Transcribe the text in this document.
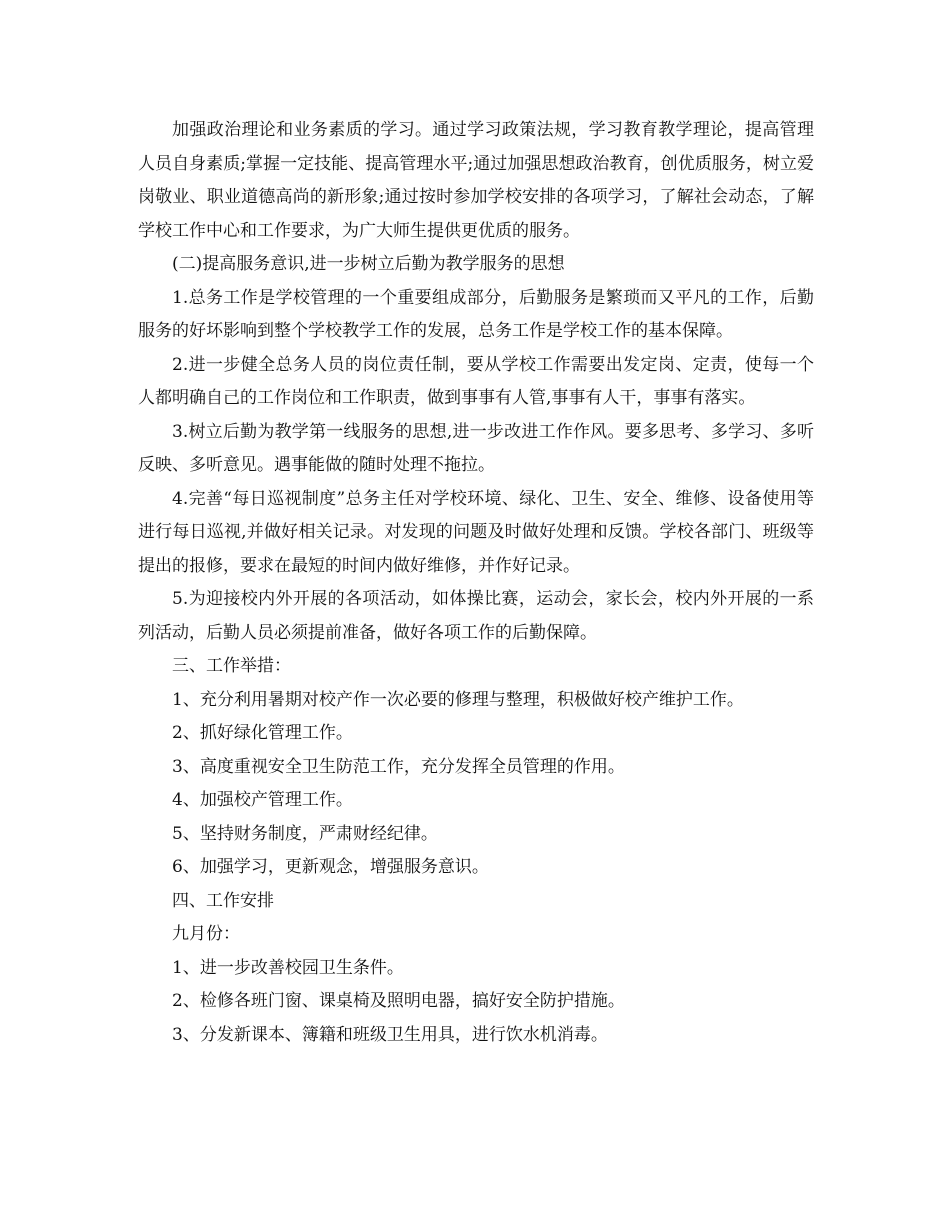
加强政治理论和业务素质的学习。通过学习政策法规，学习教育教学理论，提高管理人员自身素质;掌握一定技能、提高管理水平;通过加强思想政治教育，创优质服务，树立爱岗敬业、职业道德高尚的新形象;通过按时参加学校安排的各项学习，了解社会动态，了解学校工作中心和工作要求，为广大师生提供更优质的服务。

(二)提高服务意识,进一步树立后勤为教学服务的思想

1.总务工作是学校管理的一个重要组成部分，后勤服务是繁琐而又平凡的工作，后勤服务的好坏影响到整个学校教学工作的发展，总务工作是学校工作的基本保障。

2.进一步健全总务人员的岗位责任制，要从学校工作需要出发定岗、定责，使每一个人都明确自己的工作岗位和工作职责，做到事事有人管,事事有人干，事事有落实。

3.树立后勤为教学第一线服务的思想,进一步改进工作作风。要多思考、多学习、多听反映、多听意见。遇事能做的随时处理不拖拉。

4.完善“每日巡视制度”总务主任对学校环境、绿化、卫生、安全、维修、设备使用等进行每日巡视,并做好相关记录。对发现的问题及时做好处理和反馈。学校各部门、班级等提出的报修，要求在最短的时间内做好维修，并作好记录。

5.为迎接校内外开展的各项活动，如体操比赛，运动会，家长会，校内外开展的一系列活动，后勤人员必须提前准备，做好各项工作的后勤保障。

三、工作举措：

1、充分利用暑期对校产作一次必要的修理与整理，积极做好校产维护工作。

2、抓好绿化管理工作。

3、高度重视安全卫生防范工作，充分发挥全员管理的作用。

4、加强校产管理工作。

5、坚持财务制度，严肃财经纪律。

6、加强学习，更新观念，增强服务意识。

四、工作安排

九月份：

1、进一步改善校园卫生条件。

2、检修各班门窗、课桌椅及照明电器，搞好安全防护措施。

3、分发新课本、簿籍和班级卫生用具，进行饮水机消毒。
